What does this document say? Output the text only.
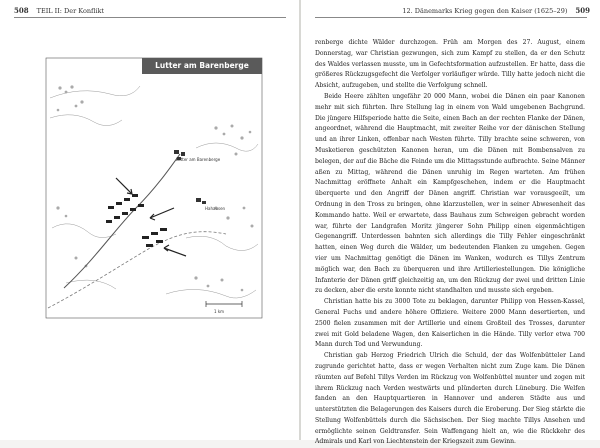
508 TEIL II: Der Konflikt
Lutter am Barenberge (1626)
Lutter am Barenberge
Hahausen
1 km
12. Dänemarks Krieg gegen den Kaiser (1625–29) 509

renberge dichte Wälder durchzogen. Früh am Morgen des 27. August, einem Donnerstag, war Christian gezwungen, sich zum Kampf zu stellen, da er den Schutz des Waldes verlassen musste, um in Gefechtsformation aufzustellen. Er hatte, dass die größeres Rückzugsgefecht die Verfolger vorläufiger würde. Tilly hatte jedoch nicht die Absicht, aufzugeben, und stellte die Verfolgung schnell.

Beide Heere zählten ungefähr 20 000 Mann, wobei die Dänen ein paar Kanonen mehr mit sich führten. Ihre Stellung lag in einem von Wald umgebenen Bachgrund. Die jüngere Hilfsperiode hatte die Seite, einen Bach an der rechten Flanke der Dänen, angeordnet, während die Hauptmacht, mit zweiter Reihe vor der dänischen Stellung und an ihrer Linken, offenbar nach Westen führte. Tilly brachte seine schweren, von Musketieren geschützten Kanonen heran, um die Dänen mit Bombensalven zu belegen, der auf die Bäche die Feinde um die Mittagsstunde aufbrachte. Seine Männer aßen zu Mittag, während die Dänen unruhig im Regen warteten. Am frühen Nachmittag eröffnete Anhalt ein Kampfgeschehen, indem er die Hauptmacht überquerte und den Angriff der Dänen angriff. Christian war vorausgeeilt, um Ordnung in den Tross zu bringen, ohne klarzustellen, wer in seiner Abwesenheit das Kommando hatte. Weil er erwartete, dass Bauhaus zum Schweigen gebracht worden war, führte der Landgrafen Moritz jüngerer Sohn Philipp einen eigenmächtigen Gegenangriff. Unterdessen bahnten sich allerdings die Tilly Fehler eingeschränkt hatten, einen Weg durch die Wälder, um bedeutenden Flanken zu umgehen. Gegen vier um Nachmittag genötigt die Dänen im Wanken, wodurch es Tillys Zentrum möglich war, den Bach zu überqueren und ihre Artilleriestellungen. Die königliche Infanterie der Dänen griff gleichzeitig an, um den Rückzug der zwei und dritten Linie zu decken, aber die erste konnte nicht standhalten und musste sich ergeben.

Christian hatte bis zu 3000 Tote zu beklagen, darunter Philipp von Hessen-Kassel, General Fuchs und andere höhere Offiziere. Weitere 2000 Mann desertierten, und 2500 fielen zusammen mit der Artillerie und einem Großteil des Trosses, darunter zwei mit Gold beladene Wagen, den Kaiserlichen in die Hände. Tilly verlor etwa 700 Mann durch Tod und Verwundung.

Christian gab Herzog Friedrich Ulrich die Schuld, der das Wolfenbütteler Land zugrunde gerichtet hatte, dass er wegen Verhalten nicht zum Zuge kam. Die Dänen räumten auf Befehl Tillys Verden im Rückzug von Wolfenbüttel munter und zogen mit ihrem Rückzug nach Verden westwärts und plünderten durch Lüneburg. Die Welfen fanden an den Hauptquartieren in Hannover und anderen Städte aus und unterstützten die Belagerungen des Kaisers durch die Eroberung. Der Sieg stärkte die Stellung Wolfenbüttels durch die Sächsischen. Der Sieg machte Tillys Ansehen und ermöglichte seinen Geldtransfer. Sein Waffengang hielt an, wie die Rückkehr des Admirals und Karl von Liechtenstein der Kriegszeit zum Gewinn.
